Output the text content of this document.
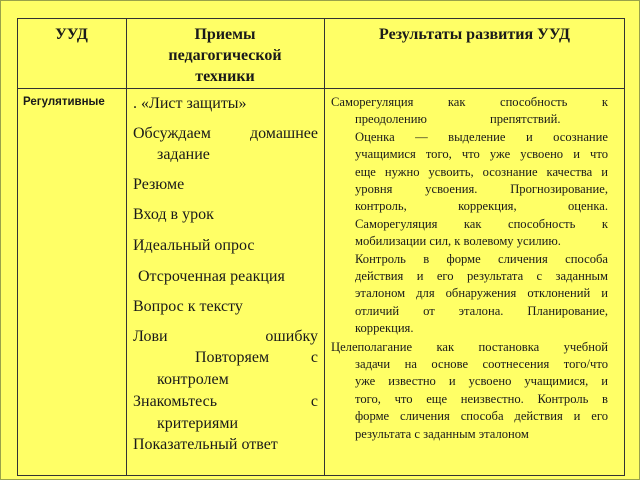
УУД	Приемы педагогической техники
Результаты развития УУД
Регулятивные . «Лист защиты»
Обсуждаем домашнее
задание
Резюме
Вход в урок
Идеальный опрос
Отсроченная реакция
Вопрос к тексту
Лови ошибку
Повторяем с
контролем
Знакомьтесь с
критериями
Показательный ответ
Саморегуляция как способность к
преодолению препятствий.
Оценка — выделение и осознание
учащимися того, что уже усвоено и что
еще нужно усвоить, осознание качества и
уровня усвоения. Прогнозирование,
контроль, коррекция, оценка.
Саморегуляция как способность к
мобилизации сил, к волевому усилию.
Контроль в форме сличения способа
действия и его результата с заданным
эталоном для обнаружения отклонений и
отличий от эталона. Планирование,
коррекция.
Целеполагание как постановка учебной
задачи на основе соотнесения того/что
уже известно и усвоено учащимися, и
того, что еще неизвестно. Контроль в
форме сличения способа действия и его
результата с заданным эталоном
